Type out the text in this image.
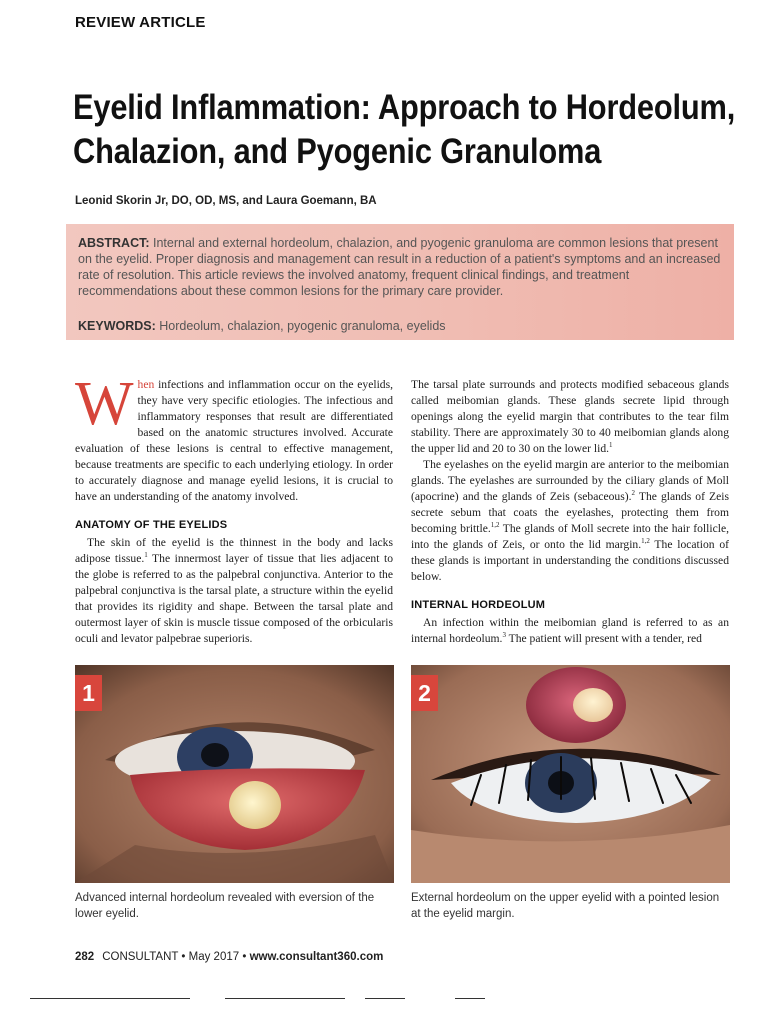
REVIEW ARTICLE
Eyelid Inflammation: Approach to Hordeolum,
Chalazion, and Pyogenic Granuloma
Leonid Skorin Jr, DO, OD, MS, and Laura Goemann, BA
ABSTRACT: Internal and external hordeolum, chalazion, and pyogenic granuloma are common lesions that present on the eyelid. Proper diagnosis and management can result in a reduction of a patient's symptoms and an increased rate of resolution. This article reviews the involved anatomy, frequent clinical findings, and treatment recommendations about these common lesions for the primary care provider.
KEYWORDS: Hordeolum, chalazion, pyogenic granuloma, eyelids

When infections and inflammation occur on the eyelids, they have very specific etiologies. The infectious and inflammatory responses that result are differentiated based on the anatomic structures involved. Accurate evaluation of these lesions is central to effective management, because treatments are specific to each underlying etiology. In order to accurately diagnose and manage eyelid lesions, it is crucial to have an understanding of the anatomy involved.

ANATOMY OF THE EYELIDS

The skin of the eyelid is the thinnest in the body and lacks adipose tissue.$^1$ The innermost layer of tissue that lies adjacent to the globe is referred to as the palpebral conjunctiva. Anterior to the palpebral conjunctiva is the tarsal plate, a structure within the eyelid that provides its rigidity and shape. Between the tarsal plate and outermost layer of skin is muscle tissue composed of the orbicularis oculi and levator palpebrae superioris.

The tarsal plate surrounds and protects modified sebaceous glands called meibomian glands. These glands secrete lipid through openings along the eyelid margin that contributes to the tear film stability. There are approximately 30 to 40 meibomian glands along the upper lid and 20 to 30 on the lower lid.$^1$

The eyelashes on the eyelid margin are anterior to the meibomian glands. The eyelashes are surrounded by the ciliary glands of Moll (apocrine) and the glands of Zeis (sebaceous).$^2$ The glands of Zeis secrete sebum that coats the eyelashes, protecting them from becoming brittle.$^{1,2}$ The glands of Moll secrete into the hair follicle, into the glands of Zeis, or onto the lid margin.$^{1,2}$ The location of these glands is important in understanding the conditions discussed below.

INTERNAL HORDEOLUM

An infection within the meibomian gland is referred to as an internal hordeolum.$^3$ The patient will present with a tender, red

1	2
Advanced internal hordeolum revealed with eversion of the lower eyelid.
External hordeolum on the upper eyelid with a pointed lesion at the eyelid margin.
282 CONSULTANT • May 2017 • www.consultant360.com
